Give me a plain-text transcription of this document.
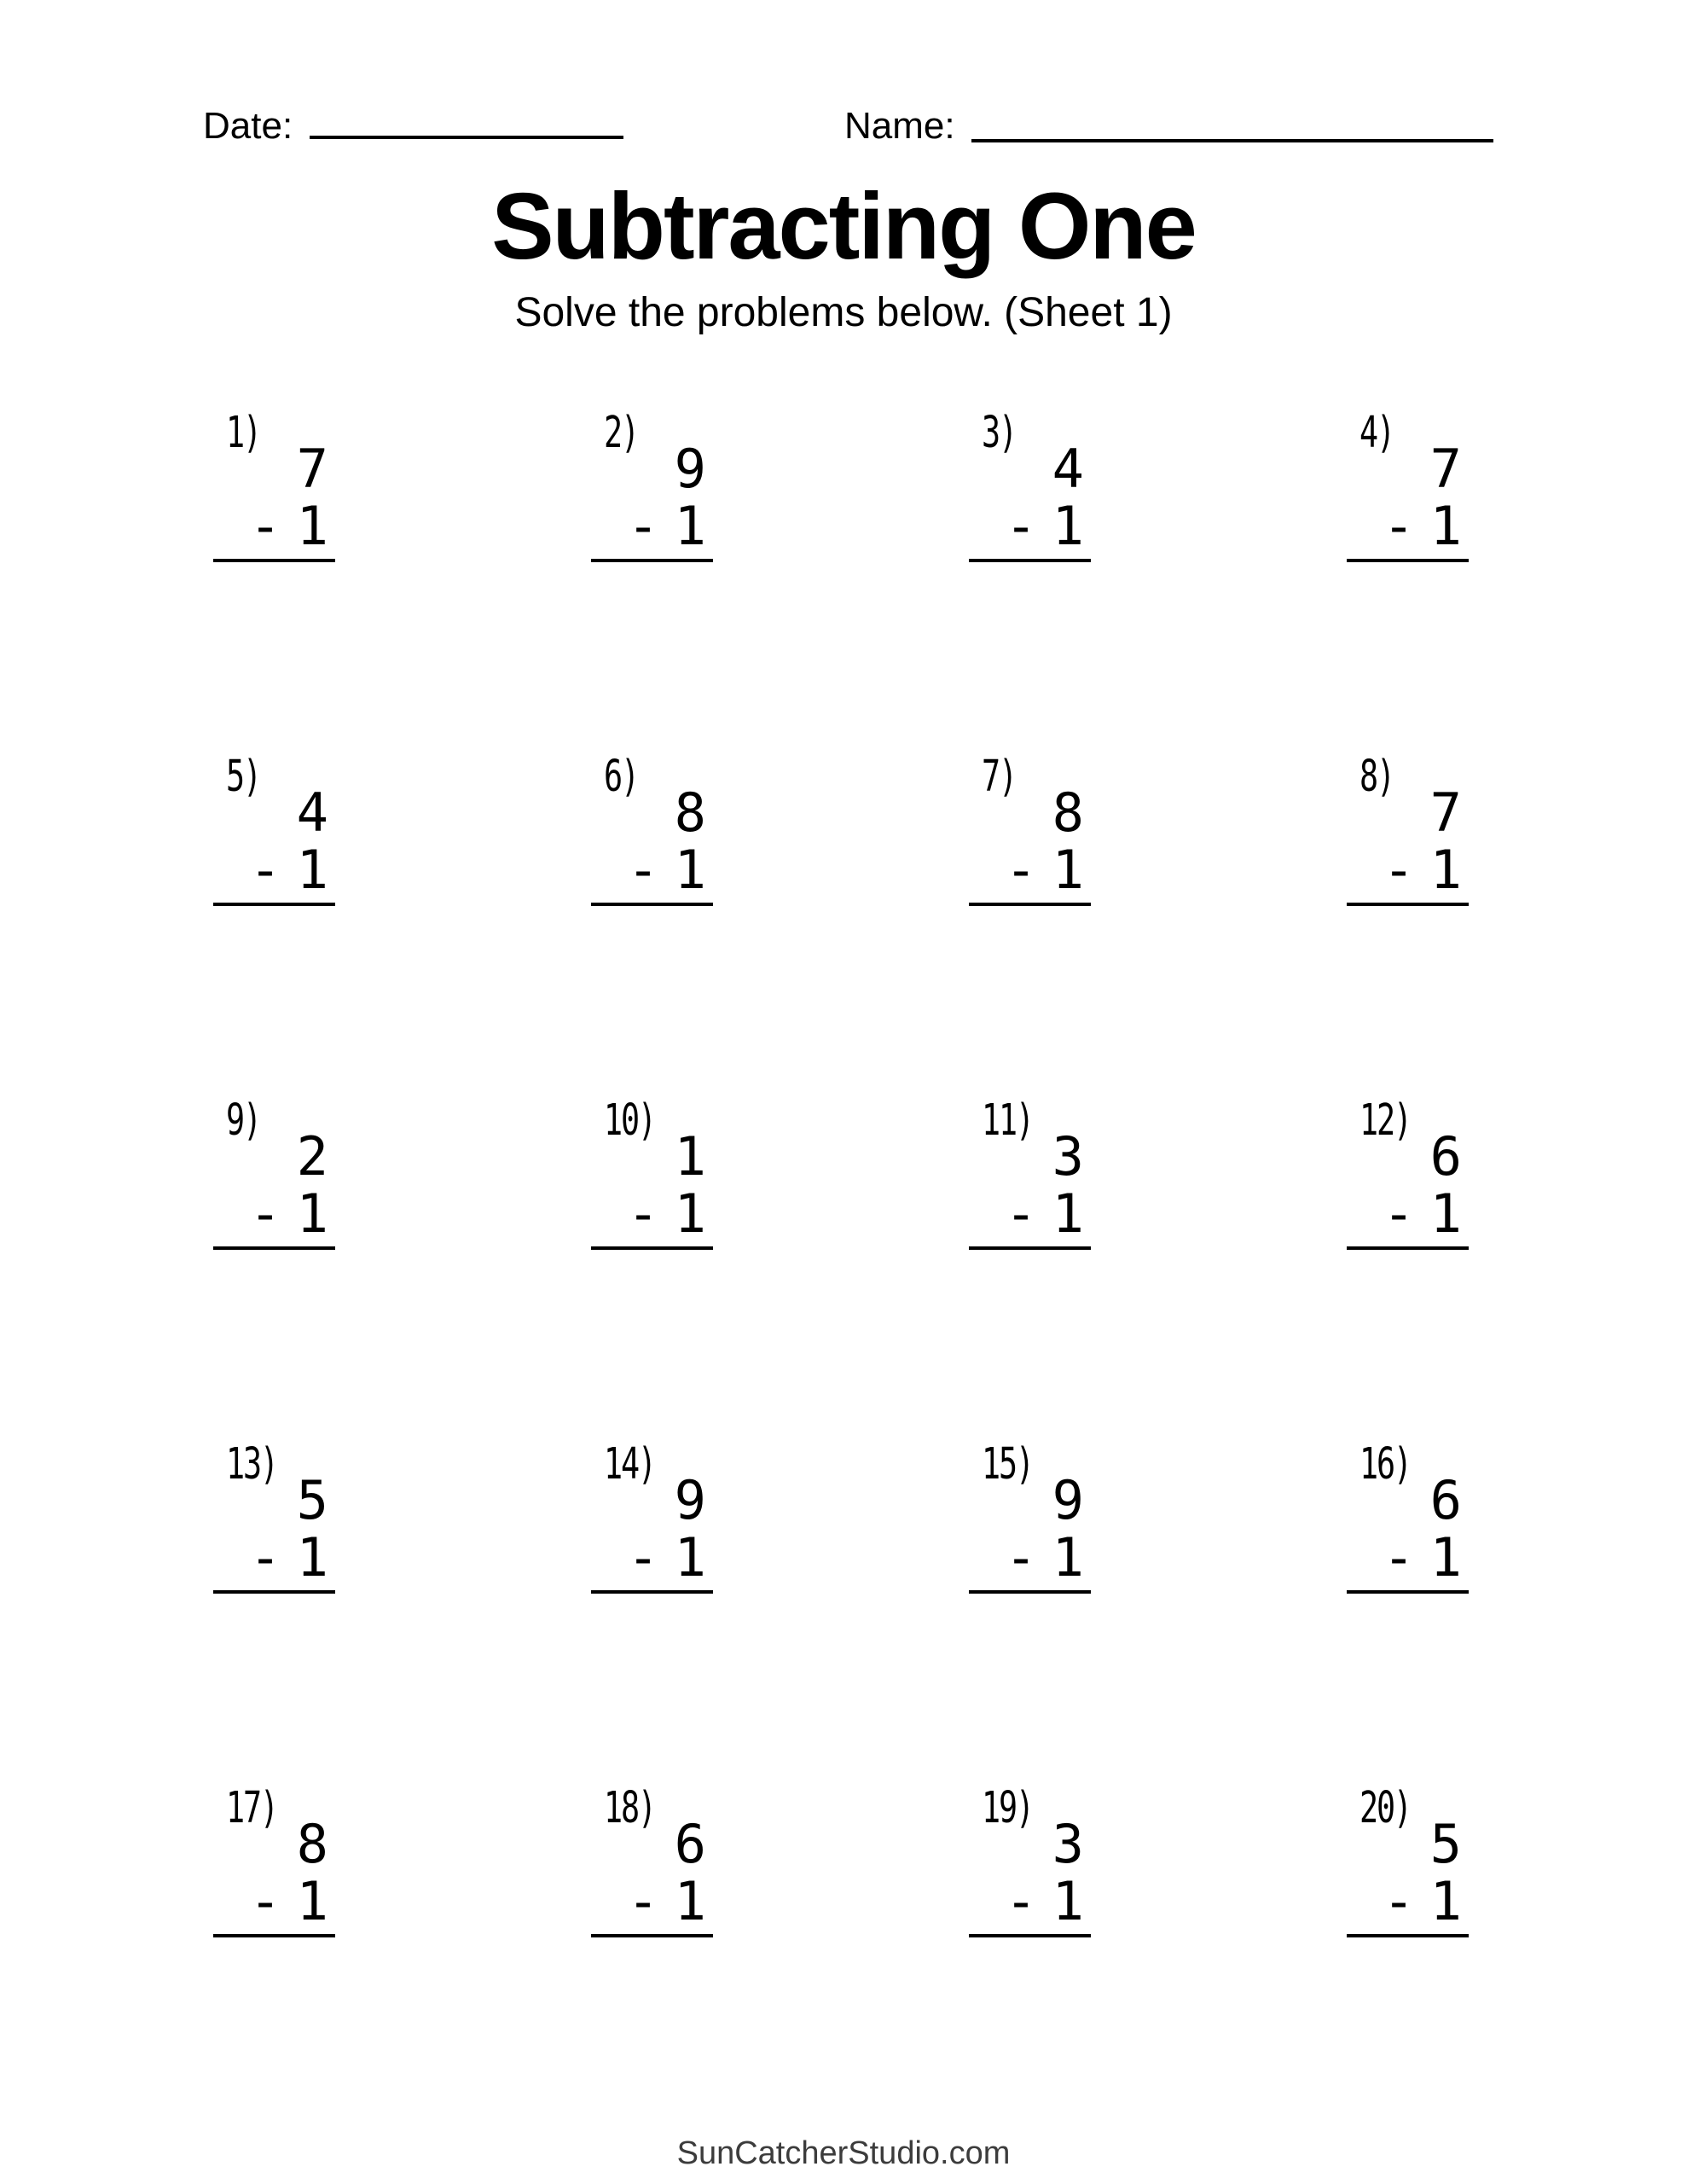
Date:	Name:
Subtracting One
Solve the problems below. (Sheet 1)
1)
7
- 1
2)
9
- 1
3)
4
- 1
4)
7
- 1
5)
4
- 1
6)
8
- 1
7)
8
- 1
8)
7
- 1
9)
2
- 1
10)
1
- 1
11)
3
- 1
12)
6
- 1
13)
5
- 1
14)
9
- 1
15)
9
- 1
16)
6
- 1
17)
8
- 1
18)
6
- 1
19)
3
- 1
20)
5
- 1
SunCatcherStudio.com
